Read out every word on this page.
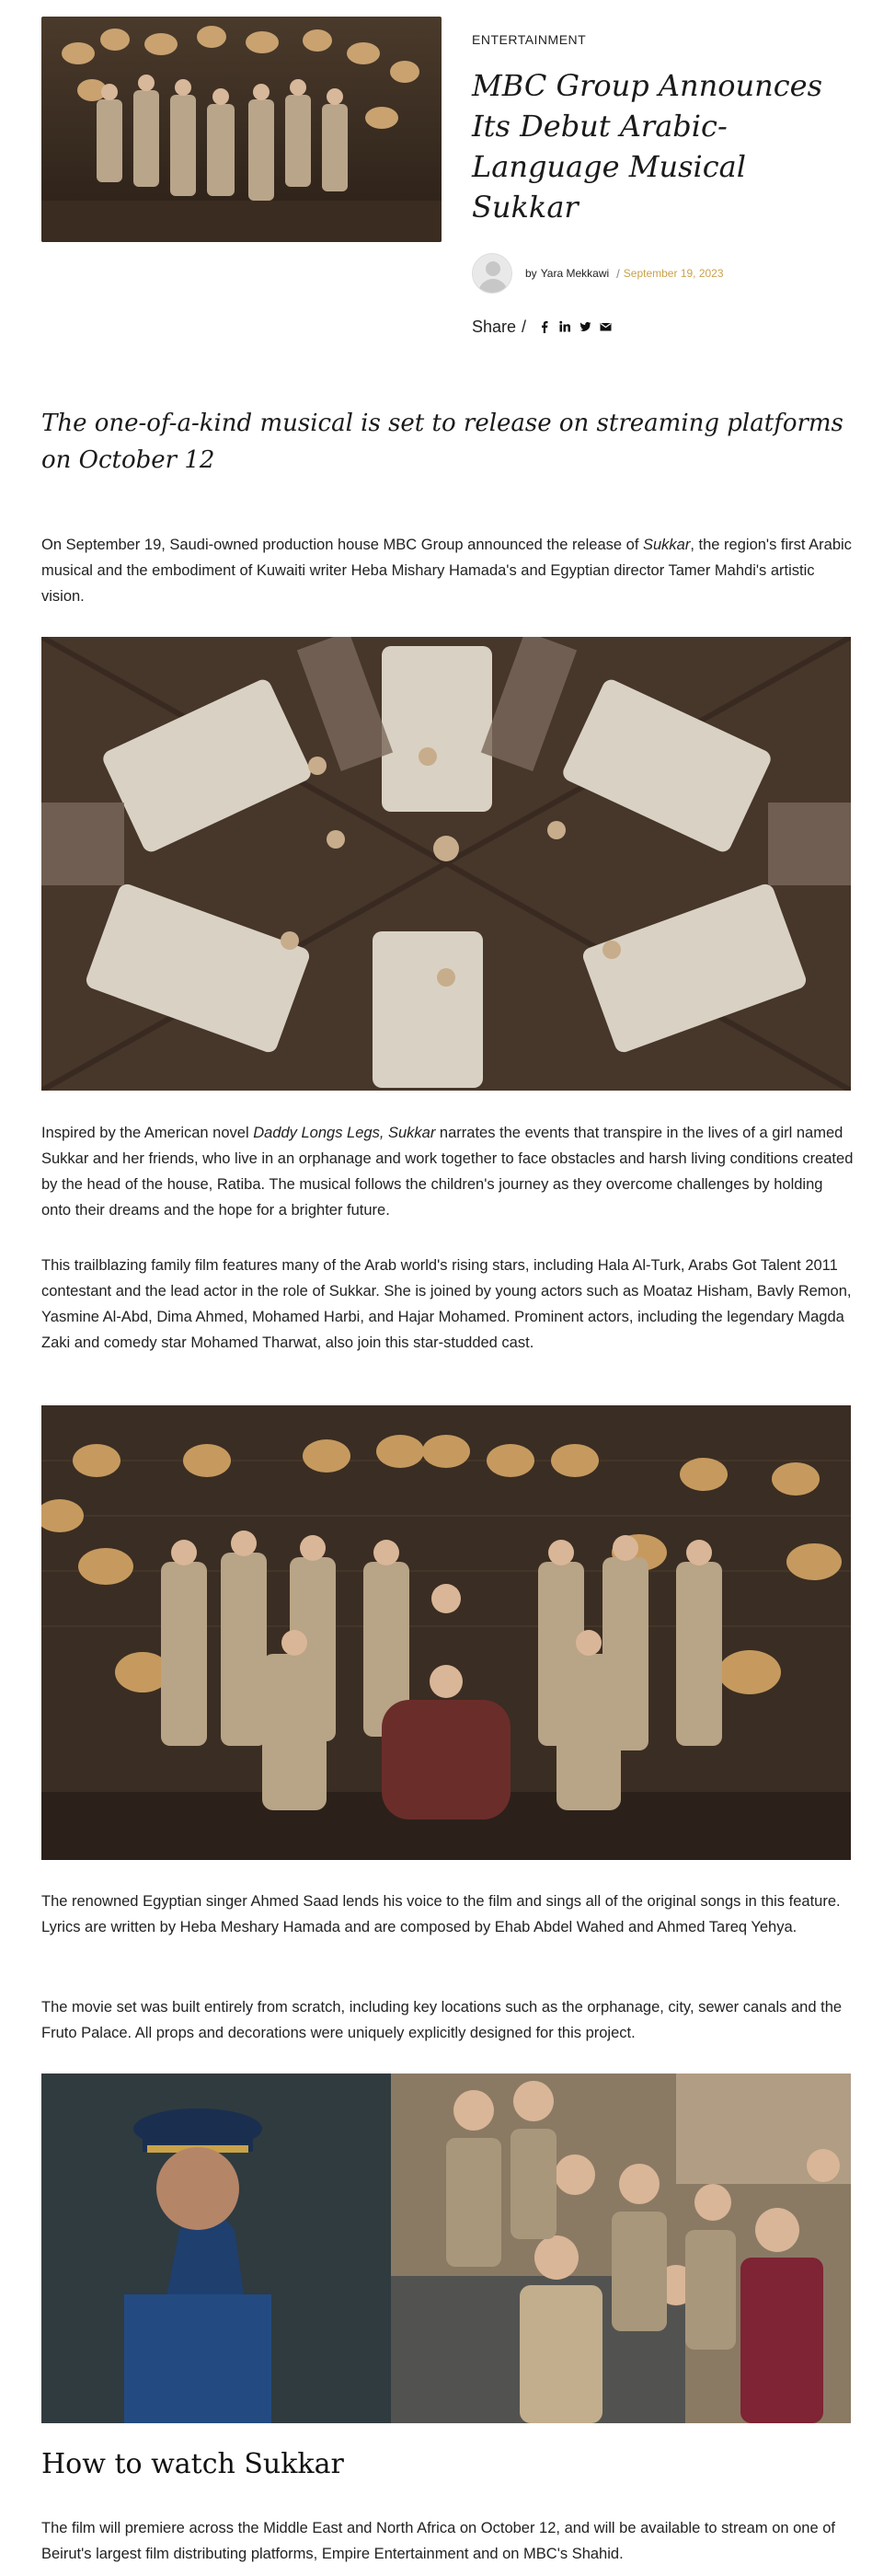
ENTERTAINMENT
MBC Group Announces Its Debut Arabic-Language Musical Sukkar
by Yara Mekkawi / September 19, 2023
Share /
The one-of-a-kind musical is set to release on streaming platforms on October 12

On September 19, Saudi-owned production house MBC Group announced the release of Sukkar, the region's first Arabic musical and the embodiment of Kuwaiti writer Heba Mishary Hamada's and Egyptian director Tamer Mahdi's artistic vision.

Inspired by the American novel Daddy Longs Legs, Sukkar narrates the events that transpire in the lives of a girl named Sukkar and her friends, who live in an orphanage and work together to face obstacles and harsh living conditions created by the head of the house, Ratiba. The musical follows the children's journey as they overcome challenges by holding onto their dreams and the hope for a brighter future.

This trailblazing family film features many of the Arab world's rising stars, including Hala Al-Turk, Arabs Got Talent 2011 contestant and the lead actor in the role of Sukkar. She is joined by young actors such as Moataz Hisham, Bavly Remon, Yasmine Al-Abd, Dima Ahmed, Mohamed Harbi, and Hajar Mohamed. Prominent actors, including the legendary Magda Zaki and comedy star Mohamed Tharwat, also join this star-studded cast.

The renowned Egyptian singer Ahmed Saad lends his voice to the film and sings all of the original songs in this feature. Lyrics are written by Heba Meshary Hamada and are composed by Ehab Abdel Wahed and Ahmed Tareq Yehya.

The movie set was built entirely from scratch, including key locations such as the orphanage, city, sewer canals and the Fruto Palace. All props and decorations were uniquely explicitly designed for this project.

How to watch Sukkar

The film will premiere across the Middle East and North Africa on October 12, and will be available to stream on one of Beirut's largest film distributing platforms, Empire Entertainment and on MBC's Shahid.
